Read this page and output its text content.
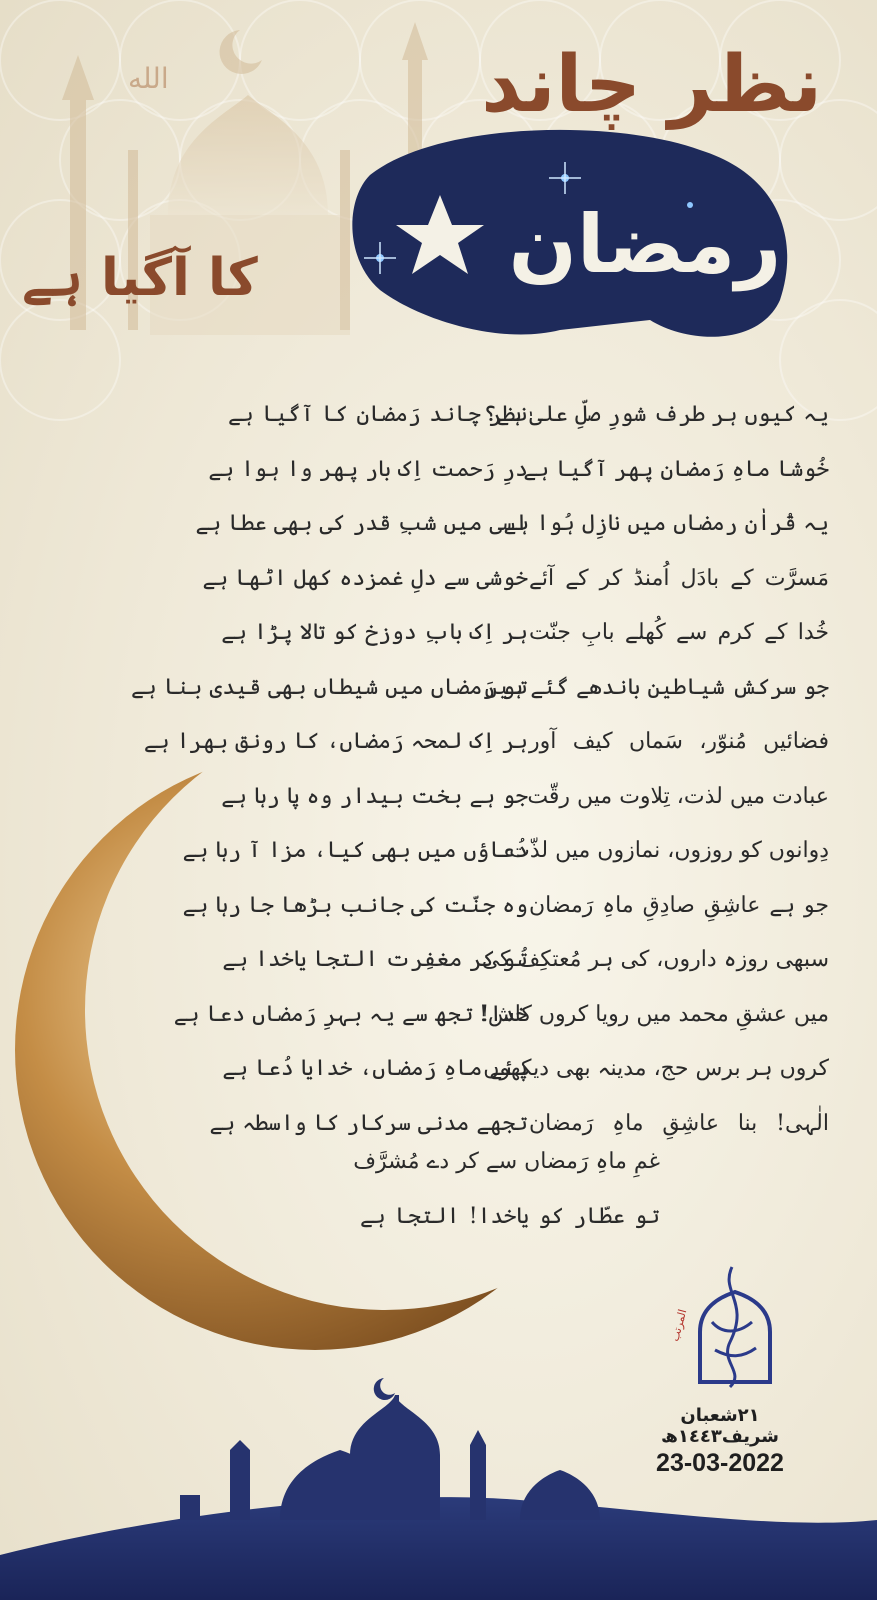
الله	نظر چاند
رمضان
کا آگیا ہے
یہ کیوں ہر طرف شورِ صلِّ علیٰ ہے؟
خُوشا ماہِ رَمضان پھر آگیا ہے
یہ قُراٰن رمضاں میں نازِل ہُوا ہے
مَسرَّت کے بادَل اُمنڈ کر کے آئے
خُدا کے کرم سے کُھلے بابِ جنّت
جو سرکش شیاطین باندھے گئے ہیں
فضائیں مُنوّر، سَماں کیف آور
عبادت میں لذت، تِلاوت میں رقّت
دِوانوں کو روزوں، نمازوں میں لذّت
جو ہے عاشِقِ صادِقِ ماہِ رَمضان
سبھی روزہ داروں، کی ہر مُعتکِف کی
میں عشقِ محمد میں رویا کروں کاش!
کروں ہر برس حج، مدینہ بھی دیکھوں
الٰہی! بنا عاشِقِ ماہِ رَمضان
نظر چاند رَمضان کا آگیا ہے
درِ رَحمت اِک بار پھر وا ہوا ہے
اسی میں شبِ قدر کی بھی عطا ہے
خوشی سے دلِ غمزدہ کھل اٹھا ہے
ہر اِک بابِ دوزخ کو تالا پڑا ہے
تو رَمضاں میں شیطاں بھی قیدی بنا ہے
ہر اِک لمحہ رَمضاں، کا رونق بھرا ہے
جو ہے بخت بیدار وہ پا رہا ہے
دُعاؤں میں بھی کیا، مزا آ رہا ہے
وہ جنّت کی جانب بڑھا جا رہا ہے
تُو کر مغفِرت التجا یاخدا ہے
خدا! تجھ سے یہ بہرِ رَمضاں دعا ہے
پئے ماہِ رَمضاں، خدایا دُعا ہے
تجھے مدنی سرکار کا واسطہ ہے
غمِ ماہِ رَمضاں سے کر دے مُشرَّف
تو عطّار کو یاخدا! التجا ہے
المرتب
٢١شعبان شریف١٤٤٣ھ
23-03-2022
